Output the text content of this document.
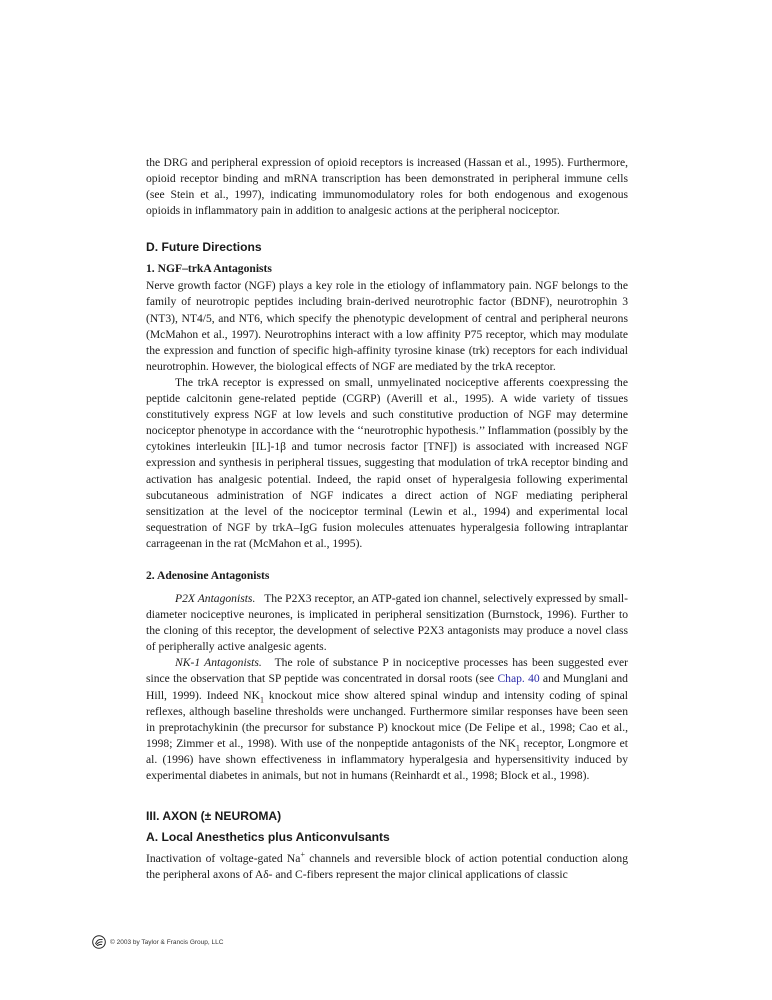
the DRG and peripheral expression of opioid receptors is increased (Hassan et al., 1995). Furthermore, opioid receptor binding and mRNA transcription has been demonstrated in peripheral immune cells (see Stein et al., 1997), indicating immunomodulatory roles for both endogenous and exogenous opioids in inflammatory pain in addition to analgesic actions at the peripheral nociceptor.

D. Future Directions
1. NGF–trkA Antagonists

Nerve growth factor (NGF) plays a key role in the etiology of inflammatory pain. NGF belongs to the family of neurotropic peptides including brain-derived neurotrophic factor (BDNF), neurotrophin 3 (NT3), NT4/5, and NT6, which specify the phenotypic development of central and peripheral neurons (McMahon et al., 1997). Neurotrophins interact with a low affinity P75 receptor, which may modulate the expression and function of specific high-affinity tyrosine kinase (trk) receptors for each individual neurotrophin. However, the biological effects of NGF are mediated by the trkA receptor.

The trkA receptor is expressed on small, unmyelinated nociceptive afferents coexpressing the peptide calcitonin gene-related peptide (CGRP) (Averill et al., 1995). A wide variety of tissues constitutively express NGF at low levels and such constitutive production of NGF may determine nociceptor phenotype in accordance with the ‘‘neurotrophic hypothesis.’’ Inflammation (possibly by the cytokines interleukin [IL]-1β and tumor necrosis factor [TNF]) is associated with increased NGF expression and synthesis in peripheral tissues, suggesting that modulation of trkA receptor binding and activation has analgesic potential. Indeed, the rapid onset of hyperalgesia following experimental subcutaneous administration of NGF indicates a direct action of NGF mediating peripheral sensitization at the level of the nociceptor terminal (Lewin et al., 1994) and experimental local sequestration of NGF by trkA–IgG fusion molecules attenuates hyperalgesia following intraplantar carrageenan in the rat (McMahon et al., 1995).

2. Adenosine Antagonists

P2X Antagonists. The P2X3 receptor, an ATP-gated ion channel, selectively expressed by small-diameter nociceptive neurones, is implicated in peripheral sensitization (Burnstock, 1996). Further to the cloning of this receptor, the development of selective P2X3 antagonists may produce a novel class of peripherally active analgesic agents.

NK-1 Antagonists. The role of substance P in nociceptive processes has been suggested ever since the observation that SP peptide was concentrated in dorsal roots (see Chap. 40 and Munglani and Hill, 1999). Indeed $NK_1$ knockout mice show altered spinal windup and intensity coding of spinal reflexes, although baseline thresholds were unchanged. Furthermore similar responses have been seen in preprotachykinin (the precursor for substance P) knockout mice (De Felipe et al., 1998; Cao et al., 1998; Zimmer et al., 1998). With use of the nonpeptide antagonists of the $NK_1$ receptor, Longmore et al. (1996) have shown effectiveness in inflammatory hyperalgesia and hypersensitivity induced by experimental diabetes in animals, but not in humans (Reinhardt et al., 1998; Block et al., 1998).

III. AXON (± NEUROMA)
A. Local Anesthetics plus Anticonvulsants

Inactivation of voltage-gated Na+ channels and reversible block of action potential conduction along the peripheral axons of Aδ- and C-fibers represent the major clinical applications of classic

© 2003 by Taylor & Francis Group, LLC
